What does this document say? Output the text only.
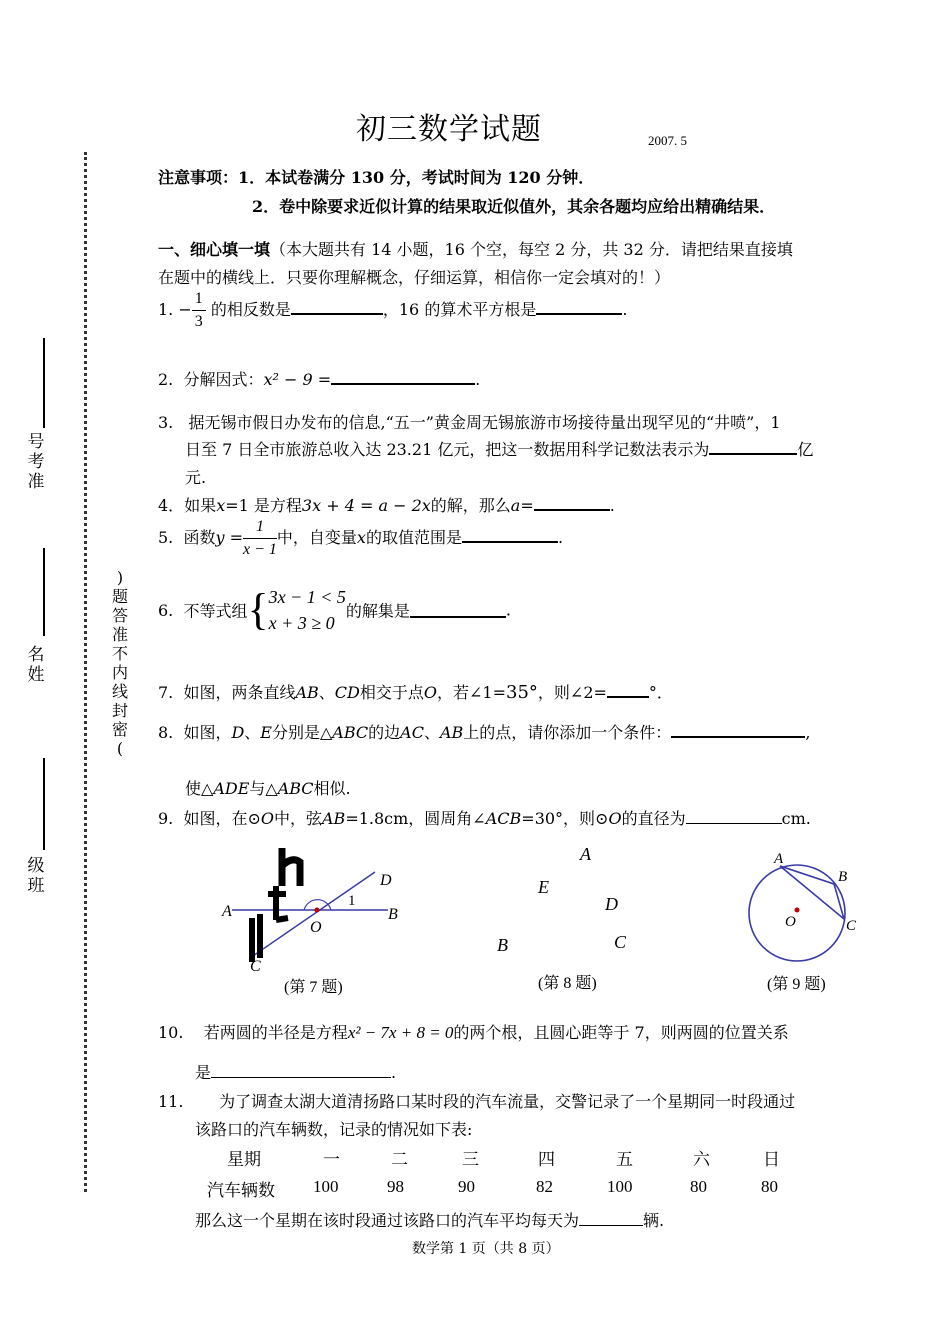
号考准
名姓
级班
)题答准不内线封密(
初三数学试题	2007. 5
注意事项：1．本试卷满分 130 分，考试时间为 120 分钟．
2．卷中除要求近似计算的结果取近似值外，其余各题均应给出精确结果．
一、细心填一填（本大题共有 14 小题，16 个空，每空 2 分，共 32 分．请把结果直接填
在题中的横线上．只要你理解概念，仔细运算，相信你一定会填对的！）
1. − $\frac{1}{3}$ 的相反数是	，16 的算术平方根是	.
2. 分解因式：x² − 9 =	.
3. 据无锡市假日办发布的信息,“五一”黄金周无锡旅游市场接待量出现罕见的“井喷”，1
日至 7 日全市旅游总收入达 23.21 亿元，把这一数据用科学记数法表示为	亿
元.
4．如果x=1 是方程3x + 4 = a − 2x的解，那么a=	.
5. 函数$y = \frac{1}{x - 1}$ 中，自变量x的取值范围是	.
6. 不等式组{ 3x − 1 < 5
x + 3 ≥ 0
的解集是	.
7. 如图，两条直线AB、CD相交于点O，若∠1=35°，则∠2=	°．
8. 如图，D、E分别是△ABC的边AC、AB上的点，请你添加一个条件：	,
使△ADE与△ABC相似.
9. 如图，在⊙O中，弦AB=1.8cm，圆周角∠ACB=30°，则⊙O的直径为	cm.
A	B
C
D
O
1
(第 7 题)
A
E
D
B	C
(第 8 题)
A
B
C
O
(第 9 题)
10. 若两圆的半径是方程x² − 7x + 8 = 0的两个根，且圆心距等于 7，则两圆的位置关系
是	.
11. 为了调查太湖大道清扬路口某时段的汽车流量，交警记录了一个星期同一时段通过
该路口的汽车辆数，记录的情况如下表:
星期	一	二	三	四	五	六	日
汽车辆数 100	98	90	82	100	80	80
那么这一个星期在该时段通过该路口的汽车平均每天为	辆.
数学第 1 页（共 8 页）
